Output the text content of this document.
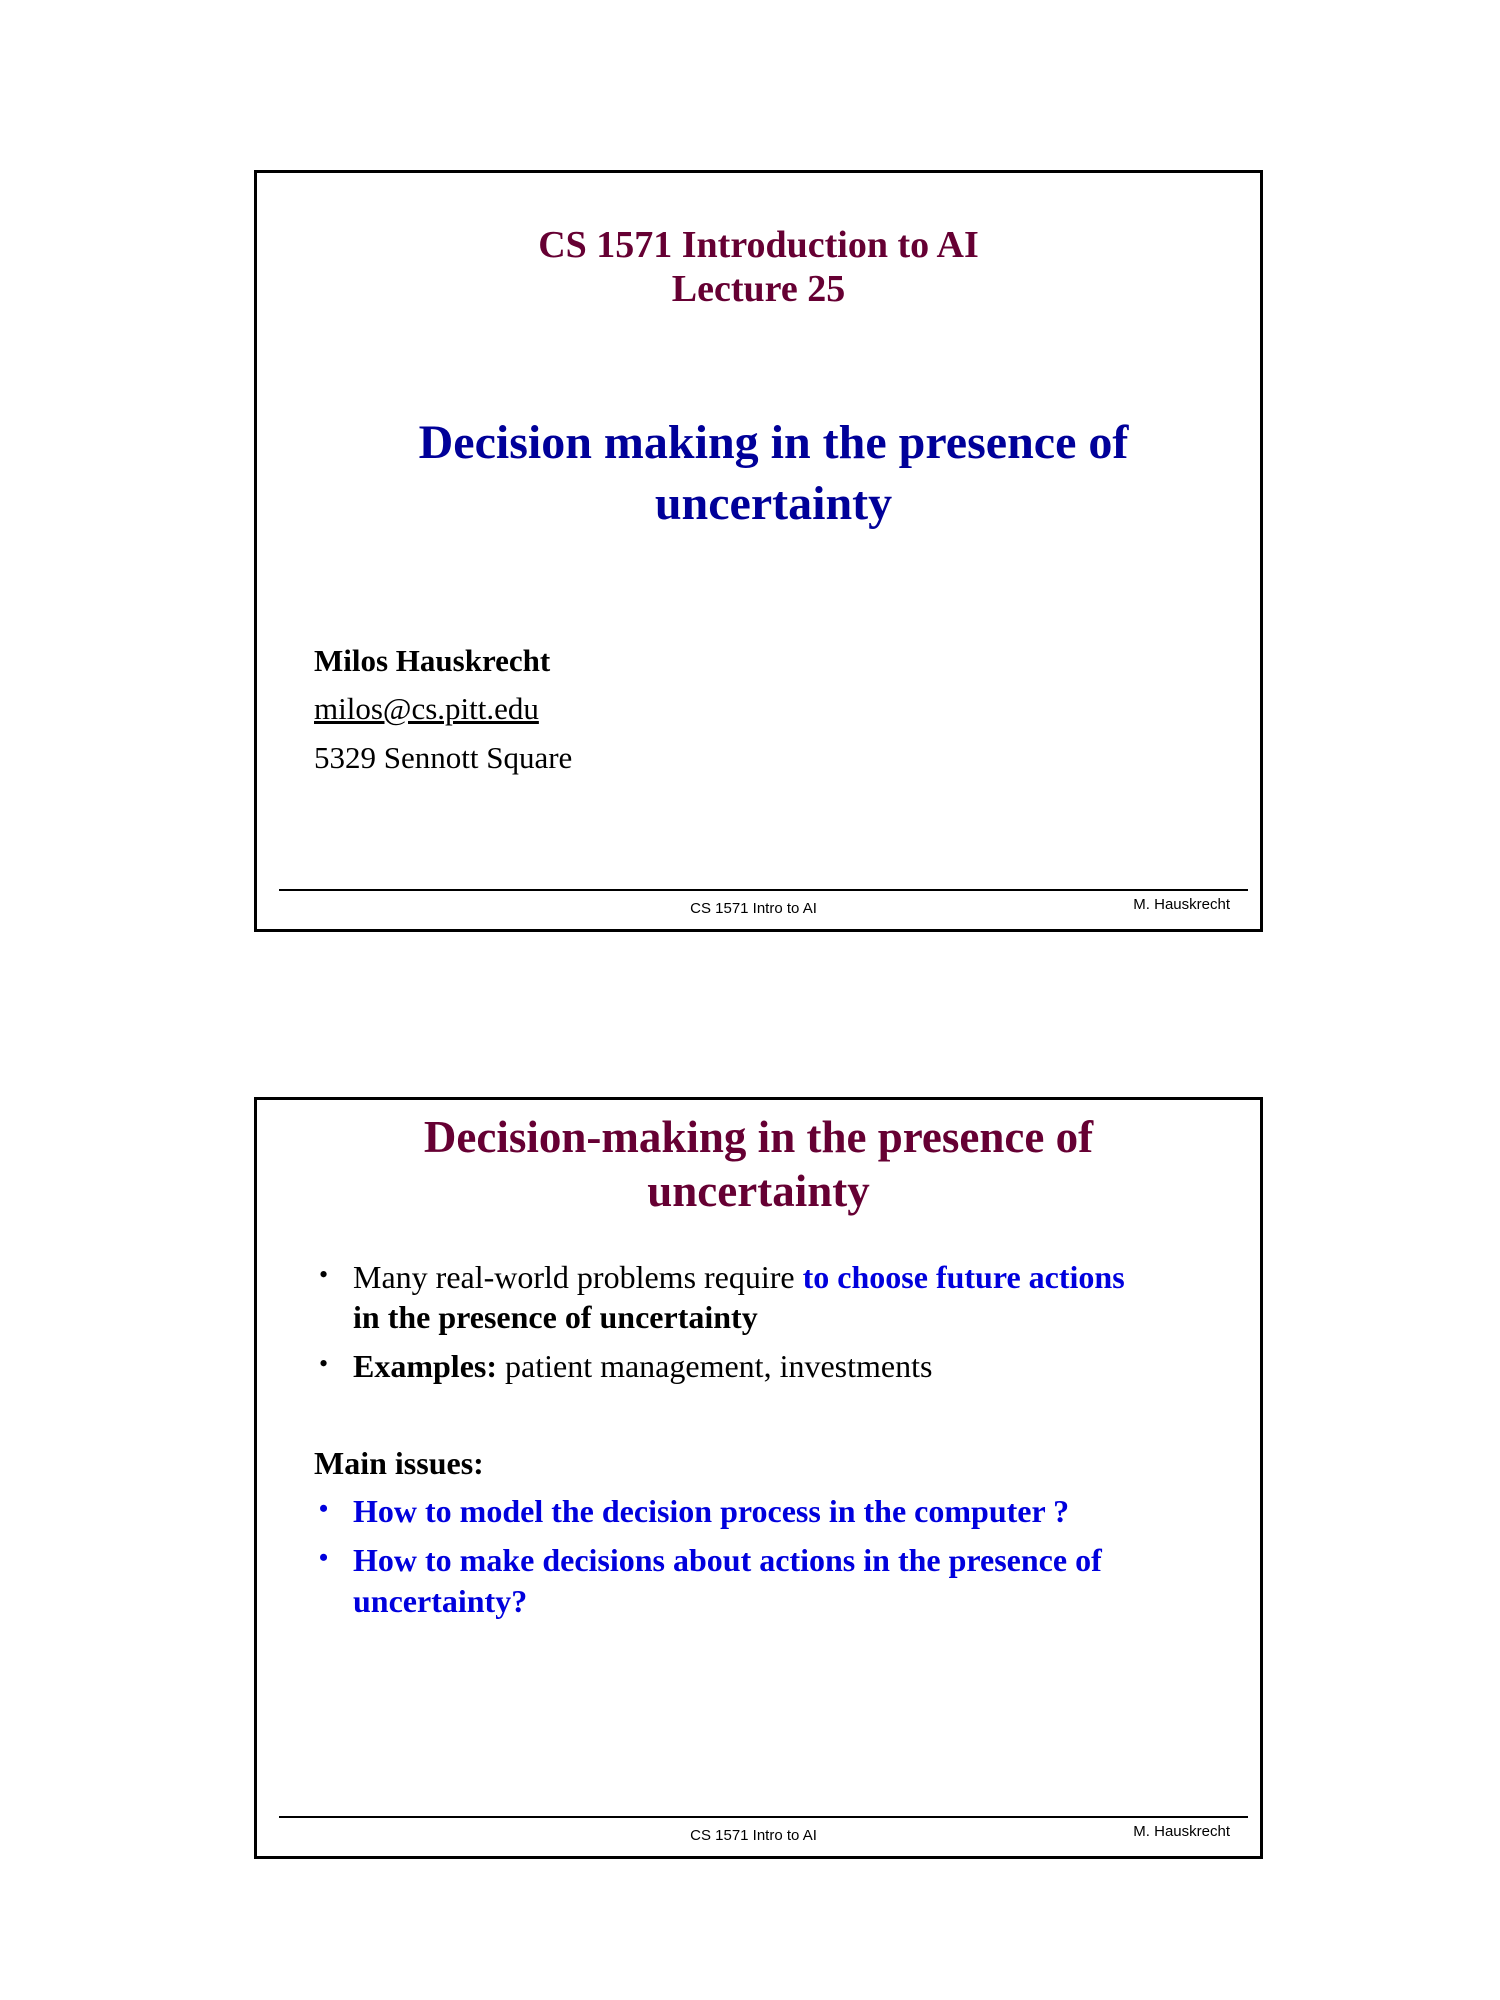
CS 1571 Introduction to AI
Lecture 25
Decision making in the presence of
uncertainty
Milos Hauskrecht
milos@cs.pitt.edu
5329 Sennott Square
CS 1571 Intro to AI	M. Hauskrecht
Decision-making in the presence of
uncertainty
• Many real-world problems require to choose future actions
in the presence of uncertainty
• Examples: patient management, investments
Main issues:
• How to model the decision process in the computer ?
• How to make decisions about actions in the presence of
uncertainty?
CS 1571 Intro to AI	M. Hauskrecht
